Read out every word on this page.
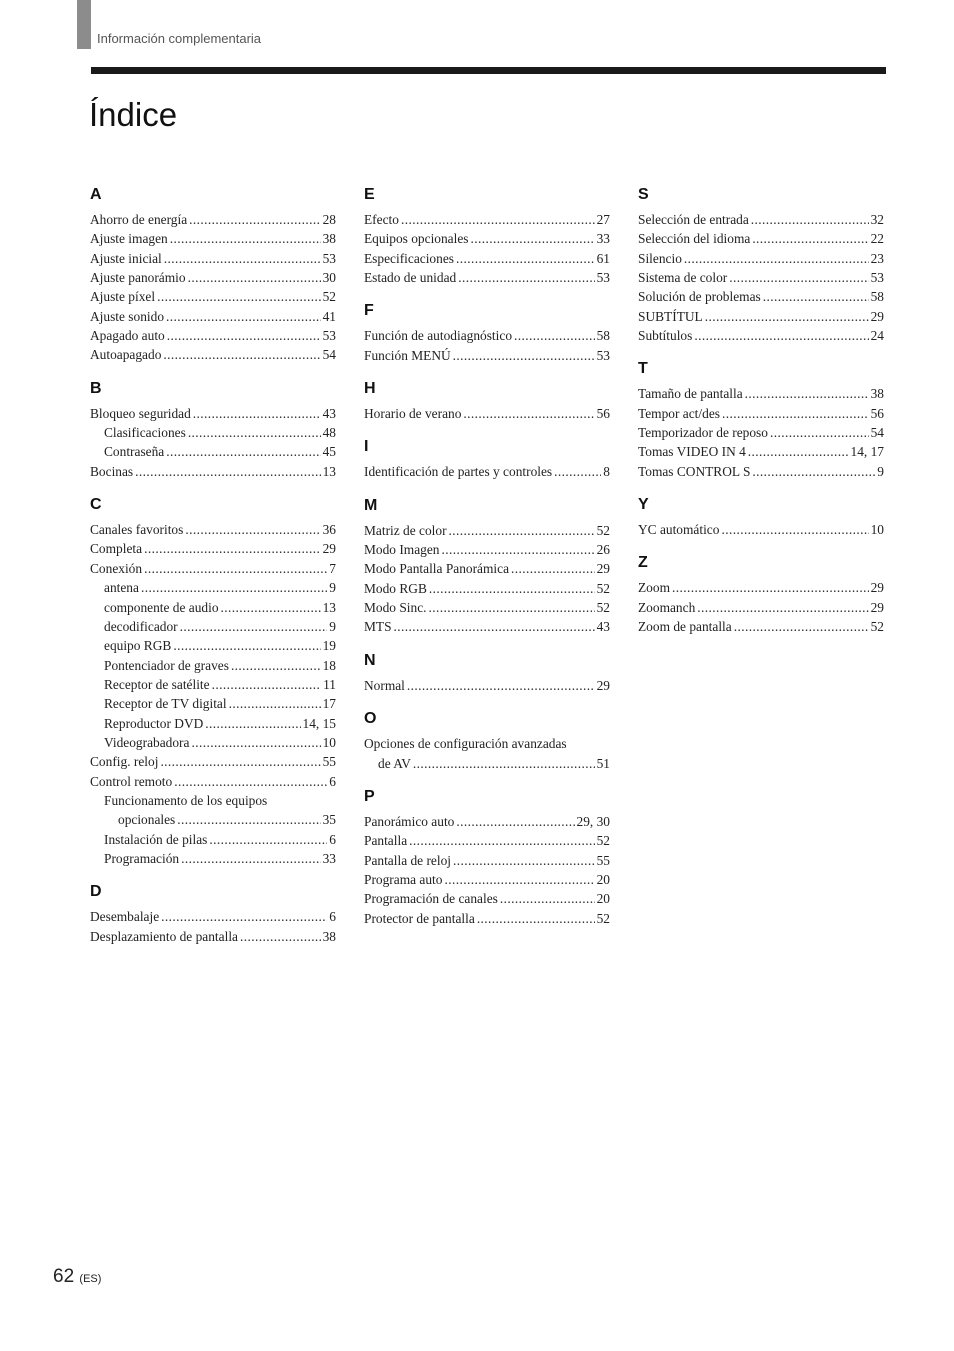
Información complementaria
Índice
A
Ahorro de energía .....	28
Ajuste imagen .....	38
Ajuste inicial .....	53
Ajuste panorámio .....	30
Ajuste píxel .....	52
Ajuste sonido .....	41
Apagado auto .....	53
Autoapagado .....	54
B
Bloqueo seguridad .....	43
Clasificaciones .....	48
Contraseña .....	45
Bocinas .....	13
C
Canales favoritos .....	36
Completa .....	29
Conexión .....	7
antena .....	9
componente de audio .....	13
decodificador .....	9
equipo RGB .....	19
Pontenciador de graves .....	18
Receptor de satélite .....	11
Receptor de TV digital .....	17
Reproductor DVD .....	14, 15
Videograbadora .....	10
Config. reloj .....	55
Control remoto .....	6
Funcionamento de los equipos
opcionales .....	35
Instalación de pilas .....	6
Programación .....	33
D
Desembalaje .....	6
Desplazamiento de pantalla .....	38
E
Efecto .....	27
Equipos opcionales .....	33
Especificaciones .....	61
Estado de unidad .....	53
F
Función de autodiagnóstico .....	58
Función MENÚ .....	53
H
Horario de verano .....	56
I
Identificación de partes y controles .....	8
M
Matriz de color .....	52
Modo Imagen .....	26
Modo Pantalla Panorámica .....	29
Modo RGB .....	52
Modo Sinc. .....	52
MTS .....	43
N
Normal .....	29
O
Opciones de configuración avanzadas
de AV .....	51
P
Panorámico auto .....	29, 30
Pantalla .....	52
Pantalla de reloj .....	55
Programa auto .....	20
Programación de canales .....	20
Protector de pantalla .....	52
S
Selección de entrada .....	32
Selección del idioma .....	22
Silencio .....	23
Sistema de color .....	53
Solución de problemas .....	58
SUBTÍTUL .....	29
Subtítulos .....	24
T
Tamaño de pantalla .....	38
Tempor act/des .....	56
Temporizador de reposo .....	54
Tomas VIDEO IN 4 .....	14, 17
Tomas CONTROL S .....	9
Y
YC automático .....	10
Z
Zoom .....	29
Zoomanch .....	29
Zoom de pantalla .....	52
62 (ES)
